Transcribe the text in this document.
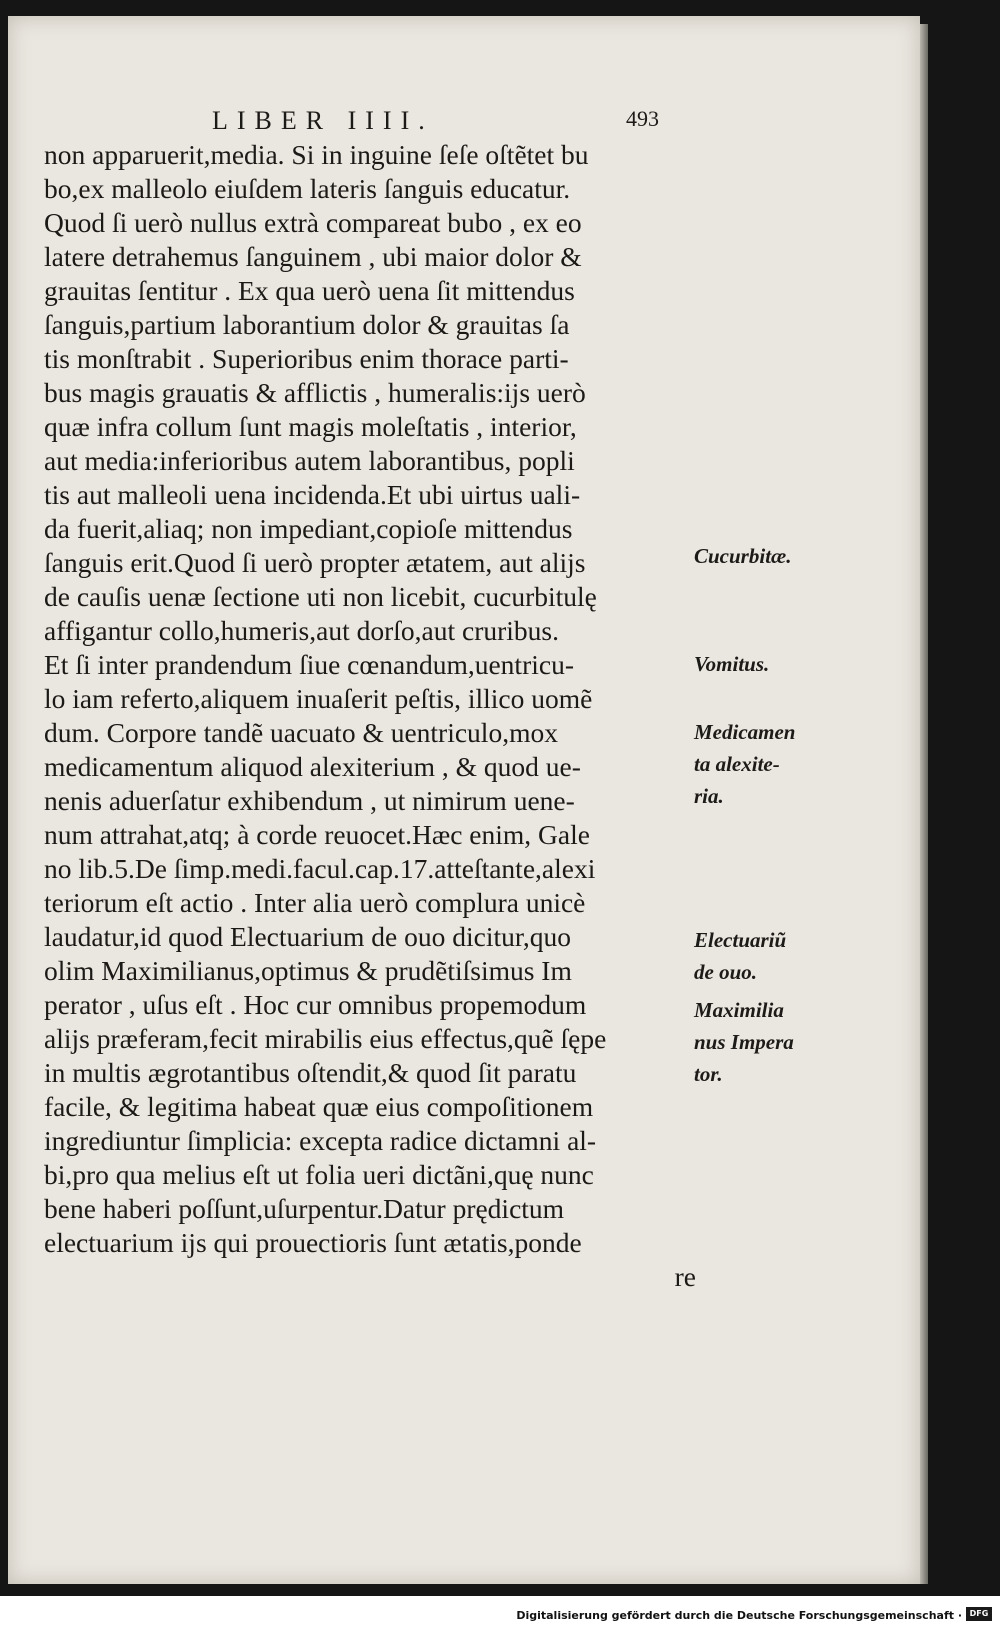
LIBER IIII.	493
non apparuerit,media. Si in inguine ſeſe oſtẽtet bu
bo,ex malleolo eiuſdem lateris ſanguis educatur.
Quod ſi uerò nullus extrà compareat bubo , ex eo
latere detrahemus ſanguinem , ubi maior dolor &
grauitas ſentitur . Ex qua uerò uena ſit mittendus
ſanguis,partium laborantium dolor & grauitas ſa
tis monſtrabit . Superioribus enim thorace parti-
bus magis grauatis & afflictis , humeralis:ijs uerò
quæ infra collum ſunt magis moleſtatis , interior,
aut media:inferioribus autem laborantibus, popli
tis aut malleoli uena incidenda.Et ubi uirtus uali-
da fuerit,aliaq; non impediant,copioſe mittendus
ſanguis erit.Quod ſi uerò propter ætatem, aut alijs
de cauſis uenæ ſectione uti non licebit, cucurbitulę
affigantur collo,humeris,aut dorſo,aut cruribus.
Et ſi inter prandendum ſiue cœnandum,uentricu-
lo iam referto,aliquem inuaſerit peſtis, illico uomẽ
dum. Corpore tandẽ uacuato & uentriculo,mox
medicamentum aliquod alexiterium , & quod ue-
nenis aduerſatur exhibendum , ut nimirum uene-
num attrahat,atq; à corde reuocet.Hæc enim, Gale
no lib.5.De ſimp.medi.facul.cap.17.atteſtante,alexi
teriorum eſt actio . Inter alia uerò complura unicè
laudatur,id quod Electuarium de ouo dicitur,quo
olim Maximilianus,optimus & prudẽtiſsimus Im
perator , uſus eſt . Hoc cur omnibus propemodum
alijs præferam,fecit mirabilis eius effectus,quẽ ſępe
in multis ægrotantibus oſtendit,& quod ſit paratu
facile, & legitima habeat quæ eius compoſitionem
ingrediuntur ſimplicia: excepta radice dictamni al-
bi,pro qua melius eſt ut folia ueri dictãni,quę nunc
bene haberi poſſunt,uſurpentur.Datur prędictum
electuarium ijs qui prouectioris ſunt ætatis,ponde
re
Cucurbitæ.
Vomitus.
Medicamen
ta alexite-
ria.
Electuariũ
de ouo.
Maximilia
nus Impera
tor.
Digitalisierung gefördert durch die Deutsche Forschungsgemeinschaft · DFG
